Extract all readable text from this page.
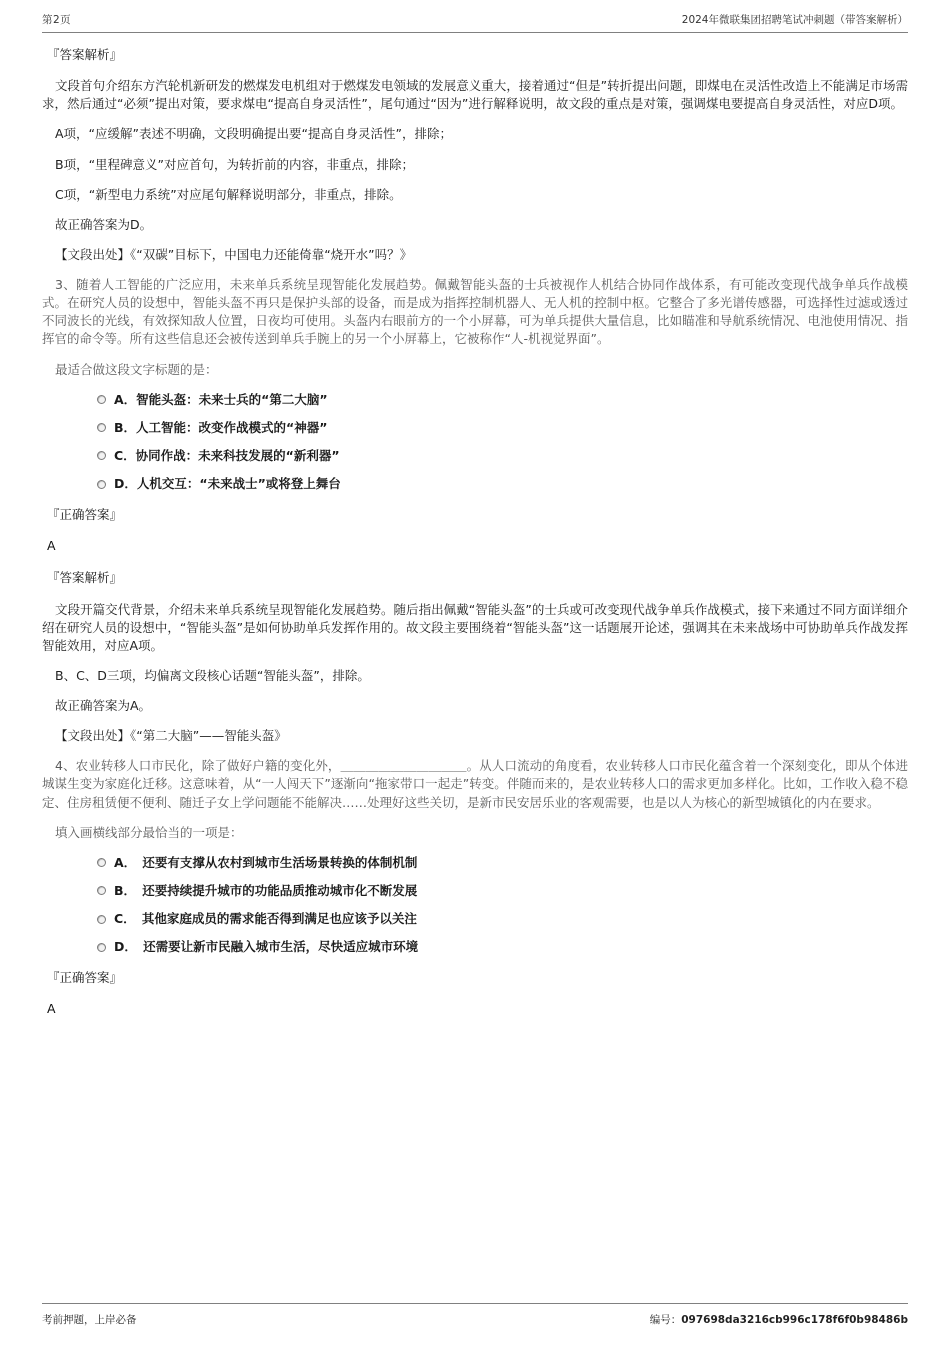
第2页	2024年微联集团招聘笔试冲刺题（带答案解析）

『答案解析』

文段首句介绍东方汽轮机新研发的燃煤发电机组对于燃煤发电领域的发展意义重大，接着通过“但是”转折提出问题，即煤电在灵活性改造上不能满足市场需求，然后通过“必须”提出对策，要求煤电“提高自身灵活性”，尾句通过“因为”进行解释说明，故文段的重点是对策，强调煤电要提高自身灵活性，对应D项。

A项，“应缓解”表述不明确，文段明确提出要“提高自身灵活性”，排除；

B项，“里程碑意义”对应首句，为转折前的内容，非重点，排除；

C项，“新型电力系统”对应尾句解释说明部分，非重点，排除。

故正确答案为D。

【文段出处】《“双碳”目标下，中国电力还能倚靠“烧开水”吗？》

3、随着人工智能的广泛应用，未来单兵系统呈现智能化发展趋势。佩戴智能头盔的士兵被视作人机结合协同作战体系，有可能改变现代战争单兵作战模式。在研究人员的设想中，智能头盔不再只是保护头部的设备，而是成为指挥控制机器人、无人机的控制中枢。它整合了多光谱传感器，可选择性过滤或透过不同波长的光线，有效探知敌人位置，日夜均可使用。头盔内右眼前方的一个小屏幕，可为单兵提供大量信息，比如瞄准和导航系统情况、电池使用情况、指挥官的命令等。所有这些信息还会被传送到单兵手腕上的另一个小屏幕上，它被称作“人-机视觉界面”。

最适合做这段文字标题的是：

A．智能头盔：未来士兵的“第二大脑”
B．人工智能：改变作战模式的“神器”
C．协同作战：未来科技发展的“新利器”
D．人机交互：“未来战士”或将登上舞台

『正确答案』

A

『答案解析』

文段开篇交代背景，介绍未来单兵系统呈现智能化发展趋势。随后指出佩戴“智能头盔”的士兵或可改变现代战争单兵作战模式，接下来通过不同方面详细介绍在研究人员的设想中，“智能头盔”是如何协助单兵发挥作用的。故文段主要围绕着“智能头盔”这一话题展开论述，强调其在未来战场中可协助单兵作战发挥智能效用，对应A项。

B、C、D三项，均偏离文段核心话题“智能头盔”，排除。

故正确答案为A。

【文段出处】《“第二大脑”——智能头盔》

4、农业转移人口市民化，除了做好户籍的变化外，＿＿＿＿＿＿＿＿＿＿。从人口流动的角度看，农业转移人口市民化蕴含着一个深刻变化，即从个体进城谋生变为家庭化迁移。这意味着，从“一人闯天下”逐渐向“拖家带口一起走”转变。伴随而来的，是农业转移人口的需求更加多样化。比如，工作收入稳不稳定、住房租赁便不便利、随迁子女上学问题能不能解决……处理好这些关切，是新市民安居乐业的客观需要，也是以人为核心的新型城镇化的内在要求。

填入画横线部分最恰当的一项是：

A．　还要有支撑从农村到城市生活场景转换的体制机制
B．　还要持续提升城市的功能品质推动城市化不断发展
C．　其他家庭成员的需求能否得到满足也应该予以关注
D．　还需要让新市民融入城市生活，尽快适应城市环境

『正确答案』

A

考前押题，上岸必备	编号：097698da3216cb996c178f6f0b98486b
